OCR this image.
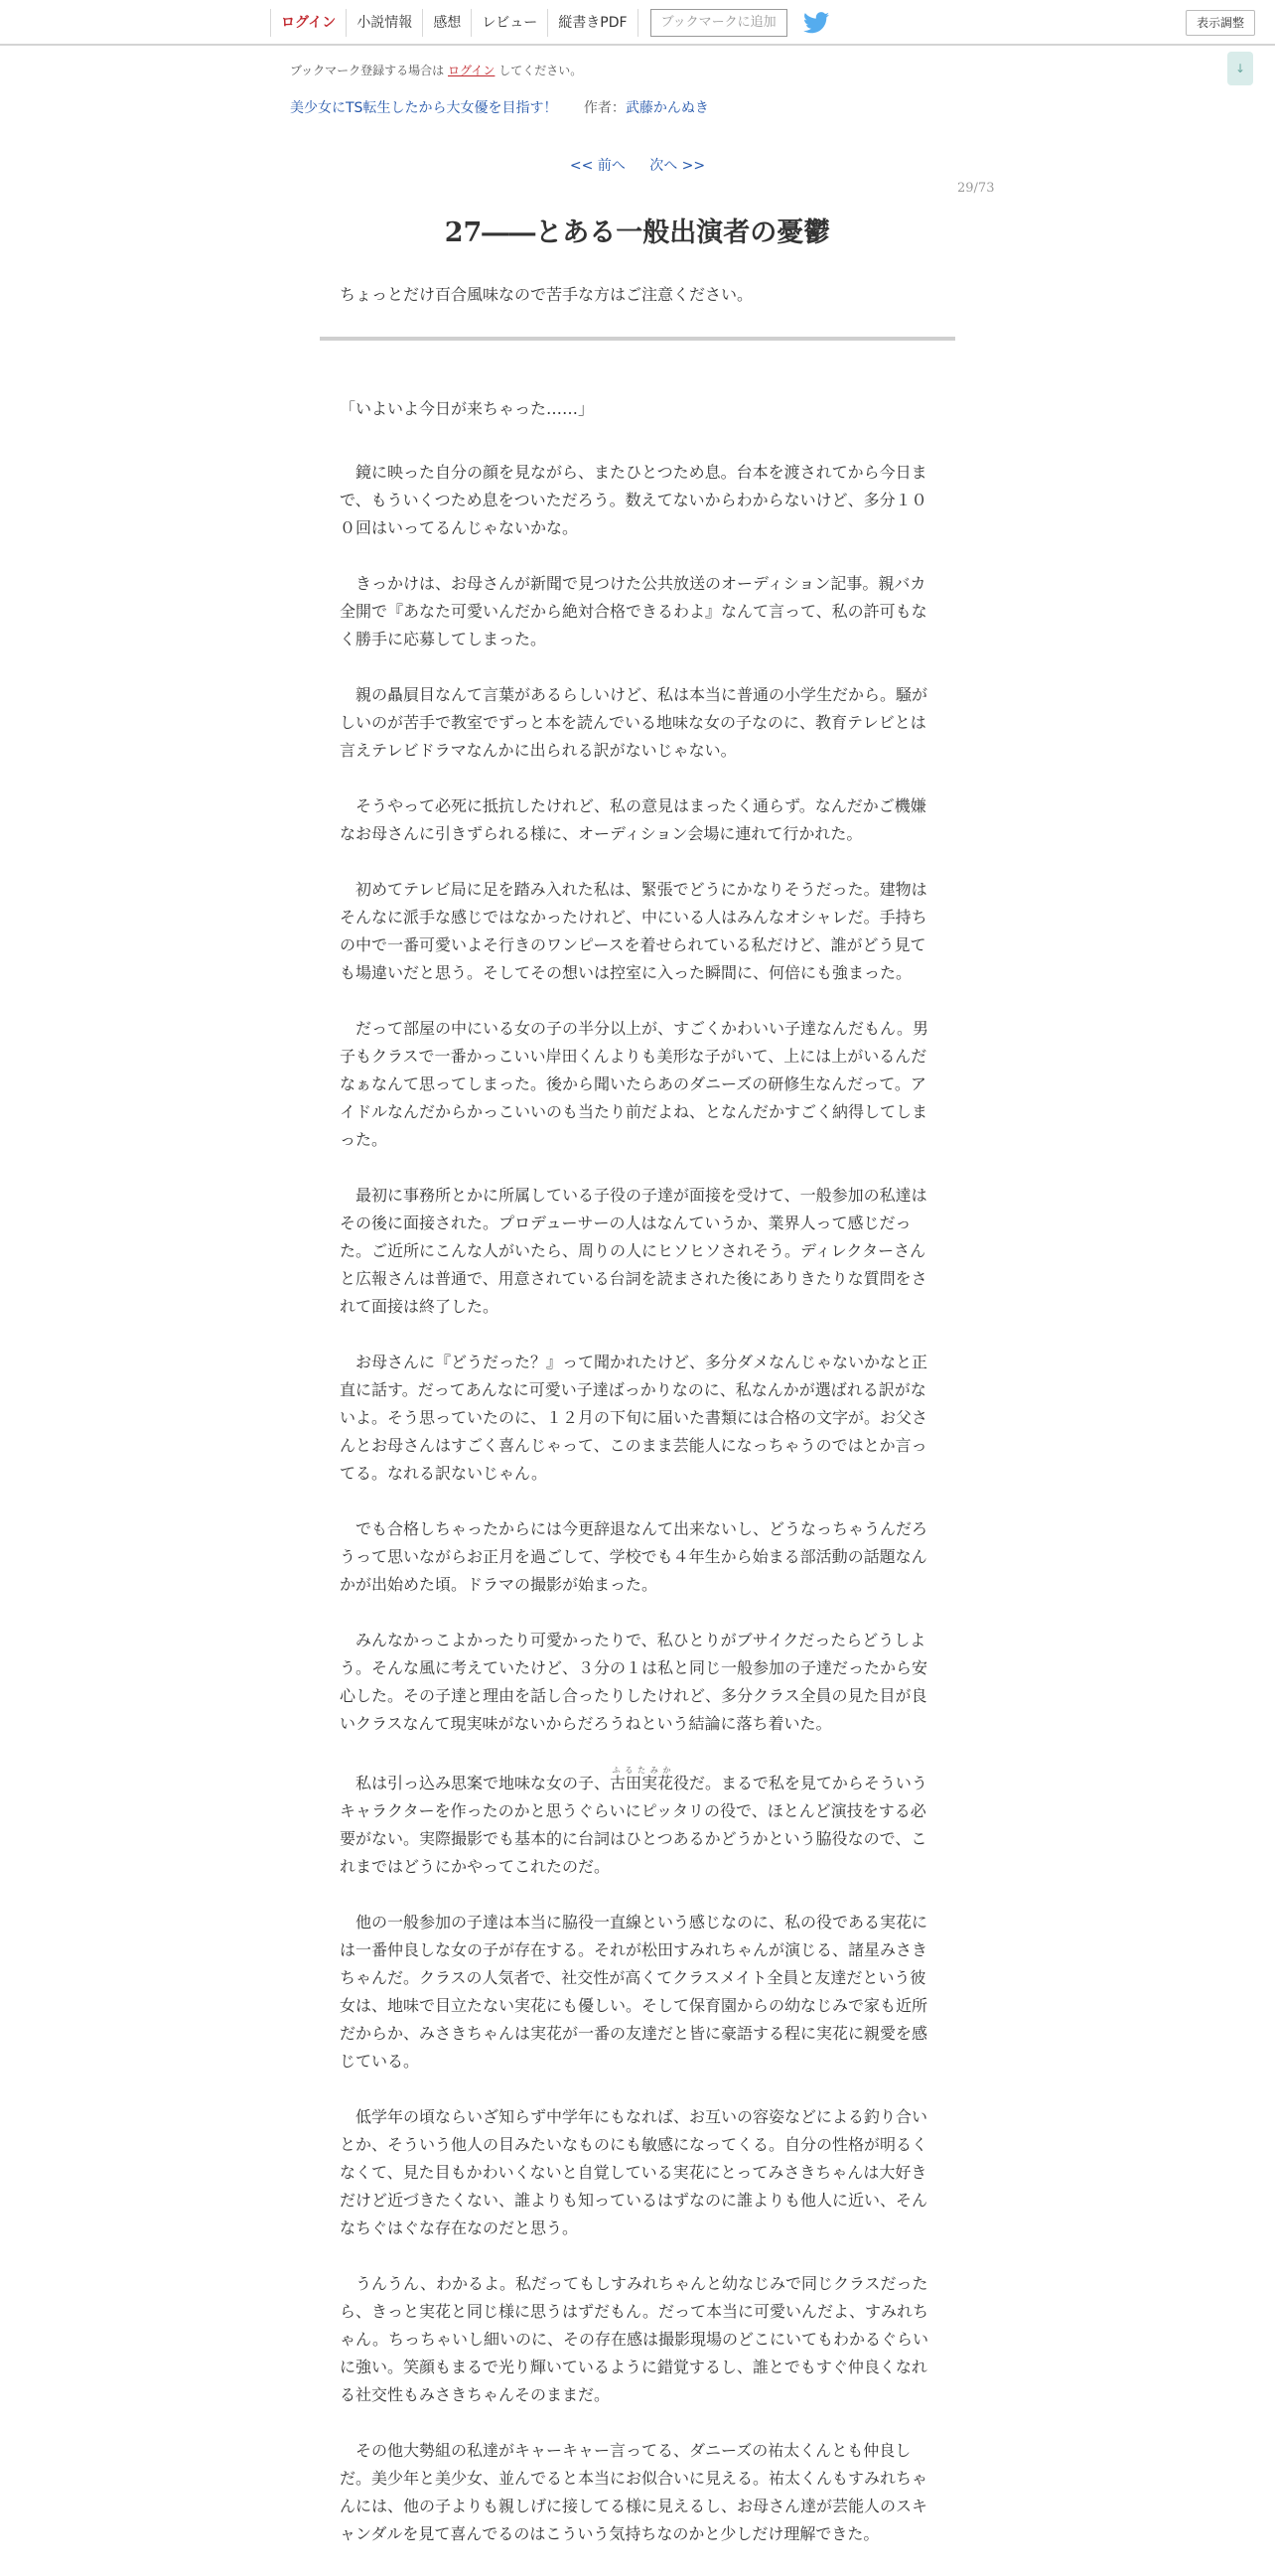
ログイン	小説情報	感想	レビュー	縦書きPDF	ブックマークに追加	表示調整
ブックマーク登録する場合は ログイン してください。
美少女にTS転生したから大女優を目指す！ 作者：武藤かんぬき
↓
<< 前へ 次へ >>
29/73
27――とある一般出演者の憂鬱
ちょっとだけ百合風味なので苦手な方はご注意ください。

「いよいよ今日が来ちゃった……」

　鏡に映った自分の顔を見ながら、またひとつため息。台本を渡されてから今日まで、もういくつため息をついただろう。数えてないからわからないけど、多分１００回はいってるんじゃないかな。

　きっかけは、お母さんが新聞で見つけた公共放送のオーディション記事。親バカ全開で『あなた可愛いんだから絶対合格できるわよ』なんて言って、私の許可もなく勝手に応募してしまった。

　親の贔屓目なんて言葉があるらしいけど、私は本当に普通の小学生だから。騒がしいのが苦手で教室でずっと本を読んでいる地味な女の子なのに、教育テレビとは言えテレビドラマなんかに出られる訳がないじゃない。

　そうやって必死に抵抗したけれど、私の意見はまったく通らず。なんだかご機嫌なお母さんに引きずられる様に、オーディション会場に連れて行かれた。

　初めてテレビ局に足を踏み入れた私は、緊張でどうにかなりそうだった。建物はそんなに派手な感じではなかったけれど、中にいる人はみんなオシャレだ。手持ちの中で一番可愛いよそ行きのワンピースを着せられている私だけど、誰がどう見ても場違いだと思う。そしてその想いは控室に入った瞬間に、何倍にも強まった。

　だって部屋の中にいる女の子の半分以上が、すごくかわいい子達なんだもん。男子もクラスで一番かっこいい岸田くんよりも美形な子がいて、上には上がいるんだなぁなんて思ってしまった。後から聞いたらあのダニーズの研修生なんだって。アイドルなんだからかっこいいのも当たり前だよね、となんだかすごく納得してしまった。

　最初に事務所とかに所属している子役の子達が面接を受けて、一般参加の私達はその後に面接された。プロデューサーの人はなんていうか、業界人って感じだった。ご近所にこんな人がいたら、周りの人にヒソヒソされそう。ディレクターさんと広報さんは普通で、用意されている台詞を読まされた後にありきたりな質問をされて面接は終了した。

　お母さんに『どうだった？』って聞かれたけど、多分ダメなんじゃないかなと正直に話す。だってあんなに可愛い子達ばっかりなのに、私なんかが選ばれる訳がないよ。そう思っていたのに、１２月の下旬に届いた書類には合格の文字が。お父さんとお母さんはすごく喜んじゃって、このまま芸能人になっちゃうのではとか言ってる。なれる訳ないじゃん。

　でも合格しちゃったからには今更辞退なんて出来ないし、どうなっちゃうんだろうって思いながらお正月を過ごして、学校でも４年生から始まる部活動の話題なんかが出始めた頃。ドラマの撮影が始まった。

　みんなかっこよかったり可愛かったりで、私ひとりがブサイクだったらどうしよう。そんな風に考えていたけど、３分の１は私と同じ一般参加の子達だったから安心した。その子達と理由を話し合ったりしたけれど、多分クラス全員の見た目が良いクラスなんて現実味がないからだろうねという結論に落ち着いた。

　私は引っ込み思案で地味な女の子、古田実花ふるたみか役だ。まるで私を見てからそういうキャラクターを作ったのかと思うぐらいにピッタリの役で、ほとんど演技をする必要がない。実際撮影でも基本的に台詞はひとつあるかどうかという脇役なので、これまではどうにかやってこれたのだ。

　他の一般参加の子達は本当に脇役一直線という感じなのに、私の役である実花には一番仲良しな女の子が存在する。それが松田すみれちゃんが演じる、諸星みさきちゃんだ。クラスの人気者で、社交性が高くてクラスメイト全員と友達だという彼女は、地味で目立たない実花にも優しい。そして保育園からの幼なじみで家も近所だからか、みさきちゃんは実花が一番の友達だと皆に豪語する程に実花に親愛を感じている。

　低学年の頃ならいざ知らず中学年にもなれば、お互いの容姿などによる釣り合いとか、そういう他人の目みたいなものにも敏感になってくる。自分の性格が明るくなくて、見た目もかわいくないと自覚している実花にとってみさきちゃんは大好きだけど近づきたくない、誰よりも知っているはずなのに誰よりも他人に近い、そんなちぐはぐな存在なのだと思う。

　うんうん、わかるよ。私だってもしすみれちゃんと幼なじみで同じクラスだったら、きっと実花と同じ様に思うはずだもん。だって本当に可愛いんだよ、すみれちゃん。ちっちゃいし細いのに、その存在感は撮影現場のどこにいてもわかるぐらいに強い。笑顔もまるで光り輝いているように錯覚するし、誰とでもすぐ仲良くなれる社交性もみさきちゃんそのままだ。

　その他大勢組の私達がキャーキャー言ってる、ダニーズの祐太くんとも仲良しだ。美少年と美少女、並んでると本当にお似合いに見える。祐太くんもすみれちゃんには、他の子よりも親しげに接してる様に見えるし、お母さん達が芸能人のスキャンダルを見て喜んでるのはこういう気持ちなのかと少しだけ理解できた。
